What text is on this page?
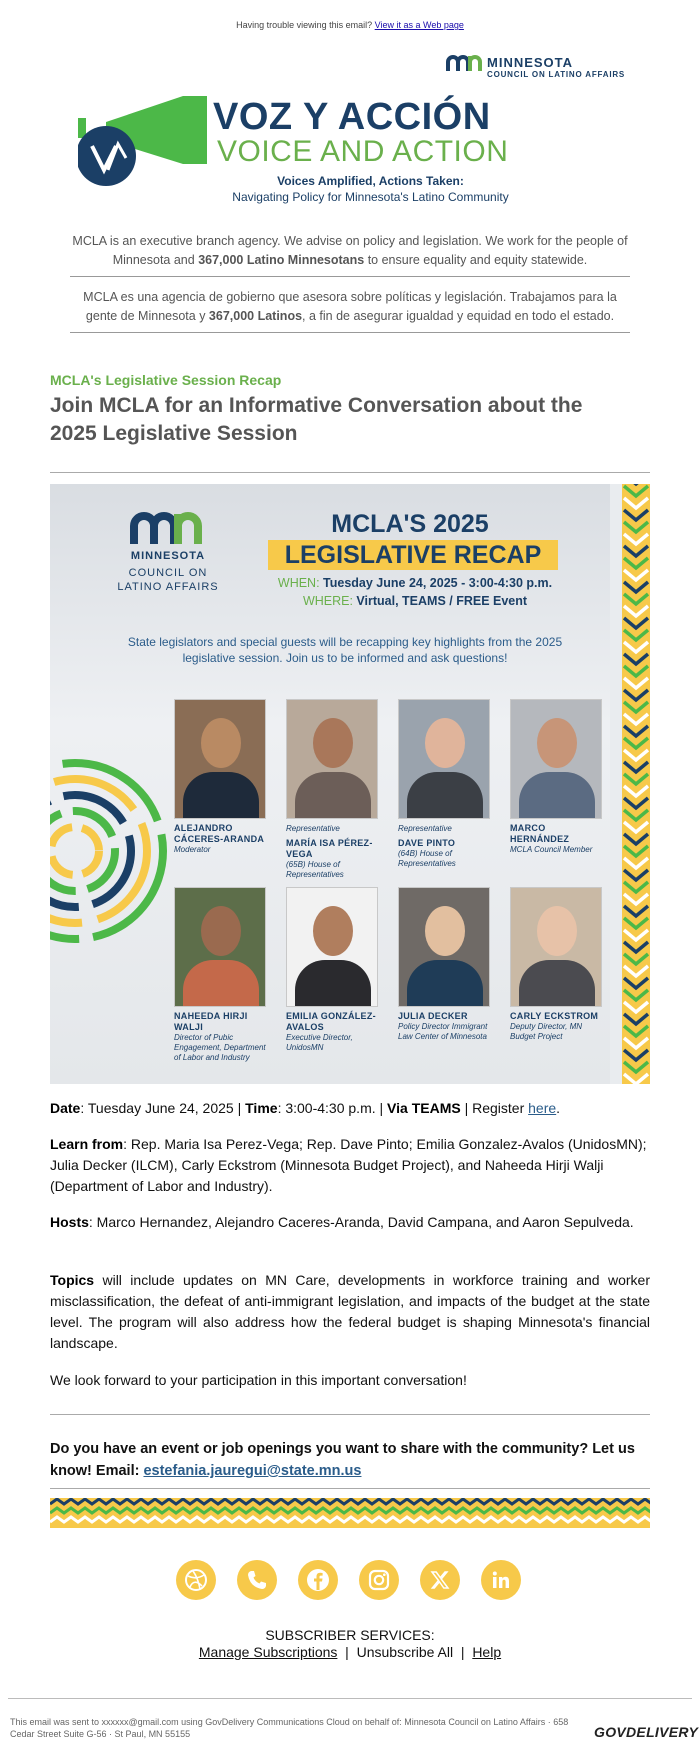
Having trouble viewing this email? View it as a Web page
MINNESOTA
COUNCIL ON LATINO AFFAIRS
VOZ Y ACCIÓN
VOICE AND ACTION
Voices Amplified, Actions Taken:
Navigating Policy for Minnesota's Latino Community
MCLA is an executive branch agency. We advise on policy and legislation. We work for the people of Minnesota and 367,000 Latino Minnesotans to ensure equality and equity statewide.
MCLA es una agencia de gobierno que asesora sobre políticas y legislación. Trabajamos para la gente de Minnesota y 367,000 Latinos, a fin de asegurar igualdad y equidad en todo el estado.
MCLA's Legislative Session Recap
Join MCLA for an Informative Conversation about the 2025 Legislative Session
MINNESOTA
COUNCIL ON LATINO AFFAIRS
MCLA'S 2025
LEGISLATIVE RECAP
WHEN: Tuesday June 24, 2025 - 3:00-4:30 p.m.
WHERE: Virtual, TEAMS / FREE Event
State legislators and special guests will be recapping key highlights from the 2025 legislative session. Join us to be informed and ask questions!
ALEJANDRO CÁCERES-ARANDA
Moderator
Representative
MARÍA ISA PÉREZ-VEGA
(65B) House of Representatives
Representative
DAVE PINTO
(64B) House of Representatives
MARCO HERNÁNDEZ
MCLA Council Member
NAHEEDA HIRJI WALJI
Director of Pubic Engagement, Department of Labor and Industry
EMILIA GONZÁLEZ-AVALOS
Executive Director, UnidosMN
JULIA DECKER
Policy Director Immigrant Law Center of Minnesota
CARLY ECKSTROM
Deputy Director, MN Budget Project
Date: Tuesday June 24, 2025 | Time: 3:00-4:30 p.m. | Via TEAMS | Register here.
Learn from: Rep. Maria Isa Perez-Vega; Rep. Dave Pinto; Emilia Gonzalez-Avalos (UnidosMN); Julia Decker (ILCM), Carly Eckstrom (Minnesota Budget Project), and Naheeda Hirji Walji (Department of Labor and Industry).
Hosts: Marco Hernandez, Alejandro Caceres-Aranda, David Campana, and Aaron Sepulveda.
Topics will include updates on MN Care, developments in workforce training and worker misclassification, the defeat of anti-immigrant legislation, and impacts of the budget at the state level. The program will also address how the federal budget is shaping Minnesota's financial landscape.
We look forward to your participation in this important conversation!
Do you have an event or job openings you want to share with the community? Let us know! Email: estefania.jauregui@state.mn.us
SUBSCRIBER SERVICES:
Manage Subscriptions  |  Unsubscribe All  |  Help
This email was sent to xxxxxx@gmail.com using GovDelivery Communications Cloud on behalf of: Minnesota Council on Latino Affairs · 658 Cedar Street Suite G-56 · St Paul, MN 55155	GOVDELIVERY
